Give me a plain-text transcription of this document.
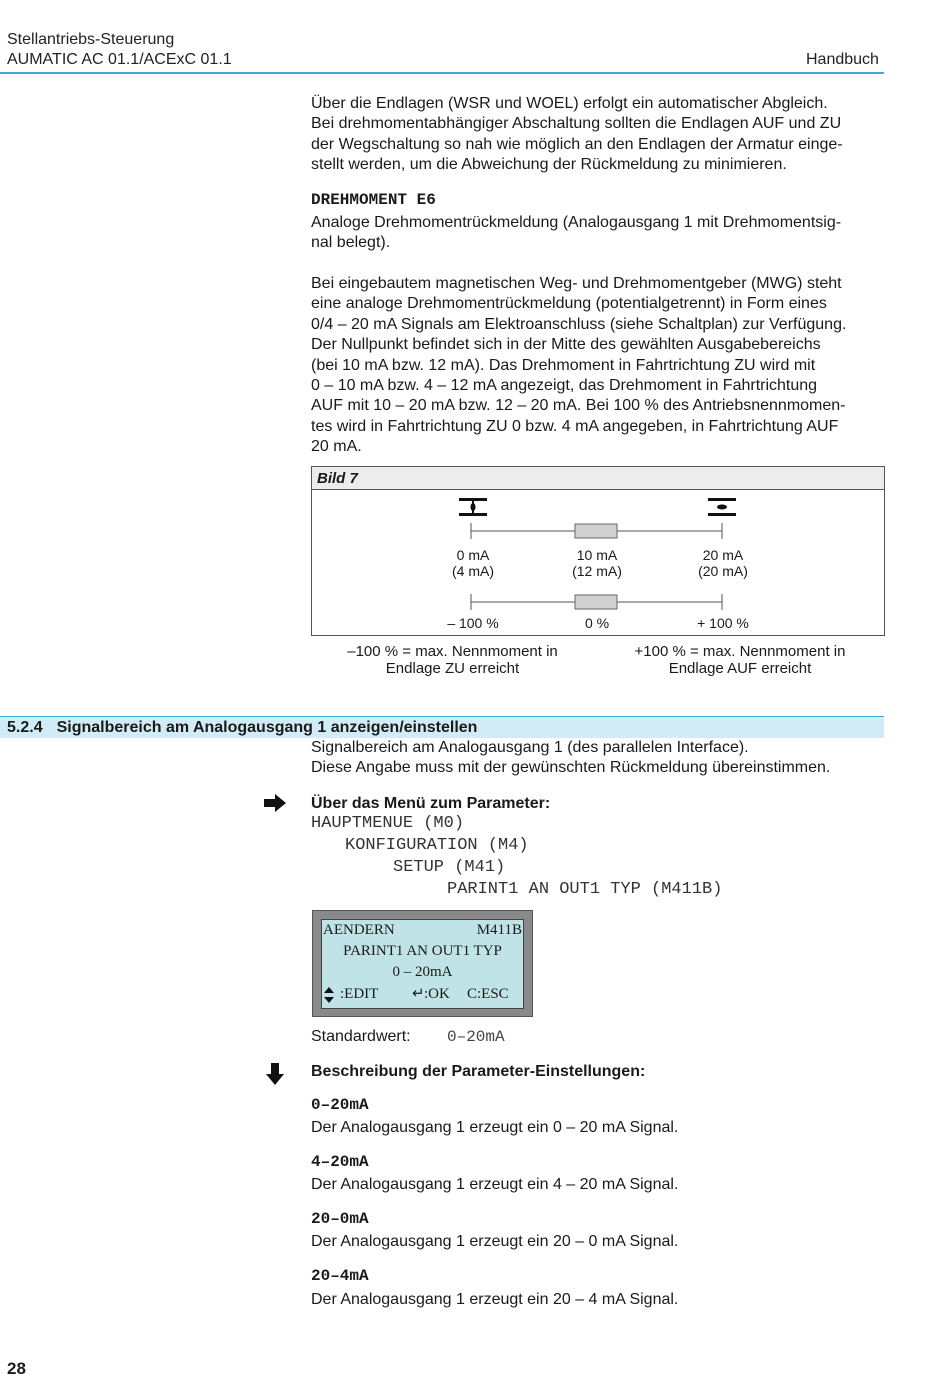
Stellantriebs-Steuerung
AUMATIC AC 01.1/ACExC 01.1	Handbuch
Über die Endlagen (WSR und WOEL) erfolgt ein automatischer Abgleich.
Bei drehmomentabhängiger Abschaltung sollten die Endlagen AUF und ZU
der Wegschaltung so nah wie möglich an den Endlagen der Armatur einge-
stellt werden, um die Abweichung der Rückmeldung zu minimieren.
DREHMOMENT E6
Analoge Drehmomentrückmeldung (Analogausgang 1 mit Drehmomentsig-
nal belegt).
Bei eingebautem magnetischen Weg- und Drehmomentgeber (MWG) steht
eine analoge Drehmomentrückmeldung (potentialgetrennt) in Form eines
0/4 – 20 mA Signals am Elektroanschluss (siehe Schaltplan) zur Verfügung.
Der Nullpunkt befindet sich in der Mitte des gewählten Ausgabebereichs
(bei 10 mA bzw. 12 mA). Das Drehmoment in Fahrtrichtung ZU wird mit
0 – 10 mA bzw. 4 – 12 mA angezeigt, das Drehmoment in Fahrtrichtung
AUF mit 10 – 20 mA bzw. 12 – 20 mA. Bei 100 % des Antriebsnennmomen-
tes wird in Fahrtrichtung ZU 0 bzw. 4 mA angegeben, in Fahrtrichtung AUF
20 mA.
Bild 7
0 mA
(4 mA)
10 mA
(12 mA)
20 mA
(20 mA)
– 100 %	0 %	+ 100 %
–100 % = max. Nennmoment in
Endlage ZU erreicht
+100 % = max. Nennmoment in
Endlage AUF erreicht
5.2.4 Signalbereich am Analogausgang 1 anzeigen/einstellen
Signalbereich am Analogausgang 1 (des parallelen Interface).
Diese Angabe muss mit der gewünschten Rückmeldung übereinstimmen.
Über das Menü zum Parameter:
HAUPTMENUE (M0)
KONFIGURATION (M4)
SETUP (M41)
PARINT1 AN OUT1 TYP (M411B)
AENDERN	M411B
PARINT1 AN OUT1 TYP
0 – 20mA
:EDIT ↵ :OK C:ESC
Standardwert: 0–20mA
Beschreibung der Parameter-Einstellungen:
0–20mA
Der Analogausgang 1 erzeugt ein 0 – 20 mA Signal.
4–20mA
Der Analogausgang 1 erzeugt ein 4 – 20 mA Signal.
20–0mA
Der Analogausgang 1 erzeugt ein 20 – 0 mA Signal.
20–4mA
Der Analogausgang 1 erzeugt ein 20 – 4 mA Signal.
28
